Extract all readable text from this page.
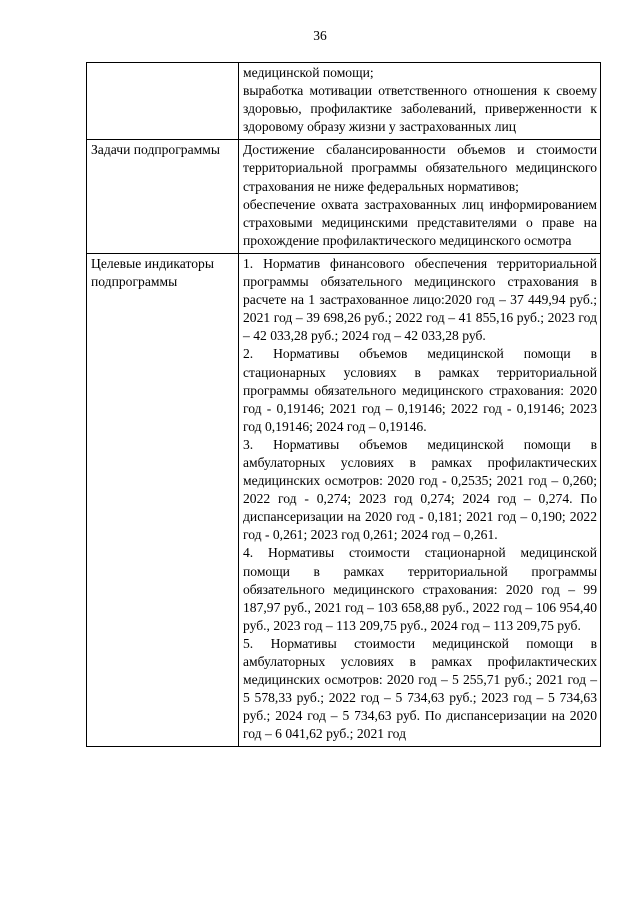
36

	медицинской помощи;

выработка мотивации ответственного отношения к своему здоровью, профилактике заболеваний, приверженности к здоровому образу жизни у застрахованных лиц

Задачи подпрограммы	Достижение сбалансированности объемов и стоимости территориальной программы обязательного медицинского страхования не ниже федеральных нормативов;

обеспечение охвата застрахованных лиц информированием страховыми медицинскими представителями о праве на прохождение профилактического медицинского осмотра

Целевые индикаторы подпрограммы	1. Норматив финансового обеспечения территориальной программы обязательного медицинского страхования в расчете на 1 застрахованное лицо:2020 год – 37 449,94 руб.; 2021 год – 39 698,26 руб.; 2022 год – 41 855,16 руб.; 2023 год – 42 033,28 руб.; 2024 год – 42 033,28 руб.

2. Нормативы объемов медицинской помощи в стационарных условиях в рамках территориальной программы обязательного медицинского страхования: 2020 год - 0,19146; 2021 год – 0,19146; 2022 год - 0,19146; 2023 год 0,19146; 2024 год – 0,19146.

3. Нормативы объемов медицинской помощи в амбулаторных условиях в рамках профилактических медицинских осмотров: 2020 год - 0,2535; 2021 год – 0,260; 2022 год - 0,274; 2023 год 0,274; 2024 год – 0,274. По диспансеризации на 2020 год - 0,181; 2021 год – 0,190; 2022 год - 0,261; 2023 год 0,261; 2024 год – 0,261.

4. Нормативы стоимости стационарной медицинской помощи в рамках территориальной программы обязательного медицинского страхования: 2020 год – 99 187,97 руб., 2021 год – 103 658,88 руб., 2022 год – 106 954,40 руб., 2023 год – 113 209,75 руб., 2024 год – 113 209,75 руб.

5. Нормативы стоимости медицинской помощи в амбулаторных условиях в рамках профилактических медицинских осмотров: 2020 год – 5 255,71 руб.; 2021 год – 5 578,33 руб.; 2022 год – 5 734,63 руб.; 2023 год – 5 734,63 руб.; 2024 год – 5 734,63 руб. По диспансеризации на 2020 год – 6 041,62 руб.; 2021 год
